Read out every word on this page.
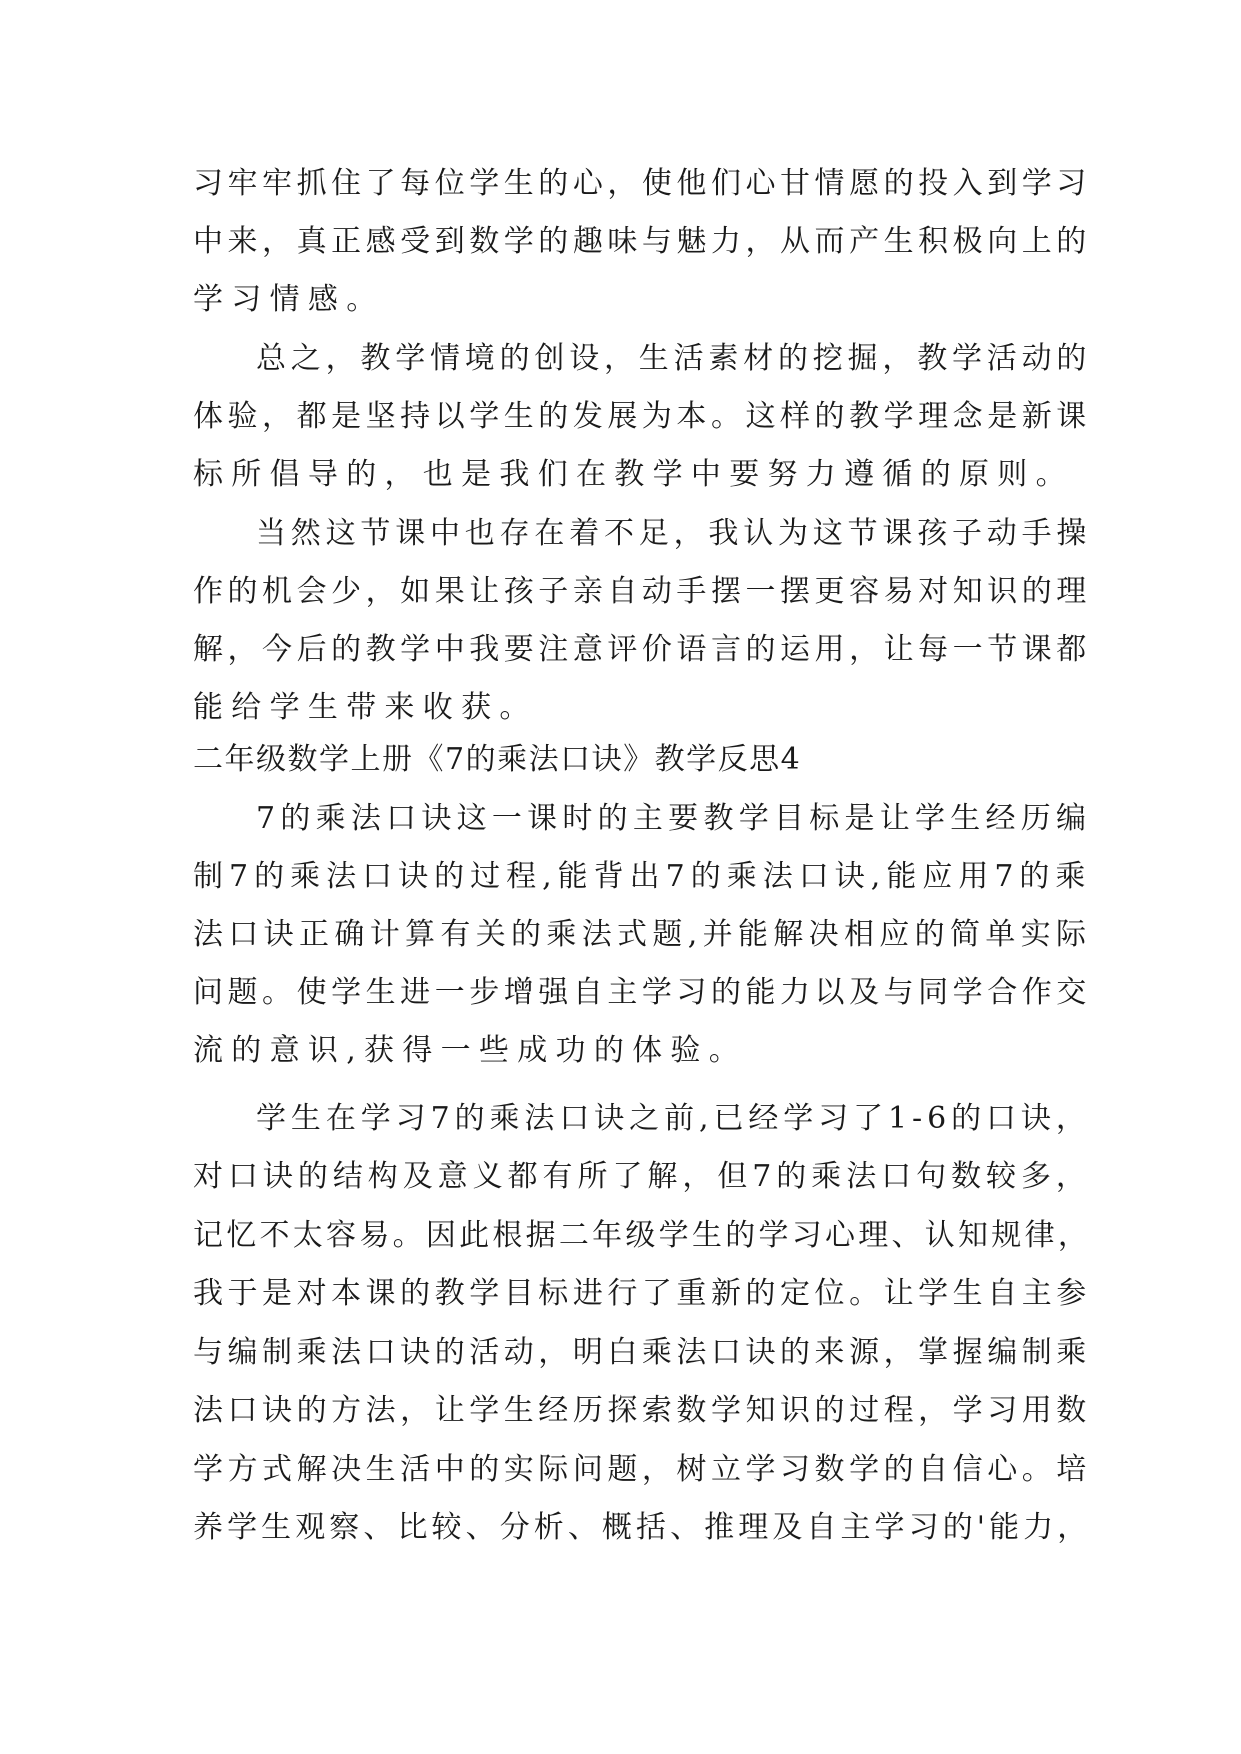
习牢牢抓住了每位学生的心，使他们心甘情愿的投入到学习
中来，真正感受到数学的趣味与魅力，从而产生积极向上的
学习情感。
总之，教学情境的创设，生活素材的挖掘，教学活动的
体验，都是坚持以学生的发展为本。这样的教学理念是新课
标所倡导的，也是我们在教学中要努力遵循的原则。
当然这节课中也存在着不足，我认为这节课孩子动手操
作的机会少，如果让孩子亲自动手摆一摆更容易对知识的理
解，今后的教学中我要注意评价语言的运用，让每一节课都
能给学生带来收获。
二年级数学上册《7的乘法口诀》教学反思4
7的乘法口诀这一课时的主要教学目标是让学生经历编
制7的乘法口诀的过程,能背出7的乘法口诀,能应用7的乘
法口诀正确计算有关的乘法式题,并能解决相应的简单实际
问题。使学生进一步增强自主学习的能力以及与同学合作交
流的意识,获得一些成功的体验。
学生在学习7的乘法口诀之前,已经学习了1-6的口诀，
对口诀的结构及意义都有所了解，但7的乘法口句数较多，
记忆不太容易。因此根据二年级学生的学习心理、认知规律，
我于是对本课的教学目标进行了重新的定位。让学生自主参
与编制乘法口诀的活动，明白乘法口诀的来源，掌握编制乘
法口诀的方法，让学生经历探索数学知识的过程，学习用数
学方式解决生活中的实际问题，树立学习数学的自信心。培
养学生观察、比较、分析、概括、推理及自主学习的'能力，
